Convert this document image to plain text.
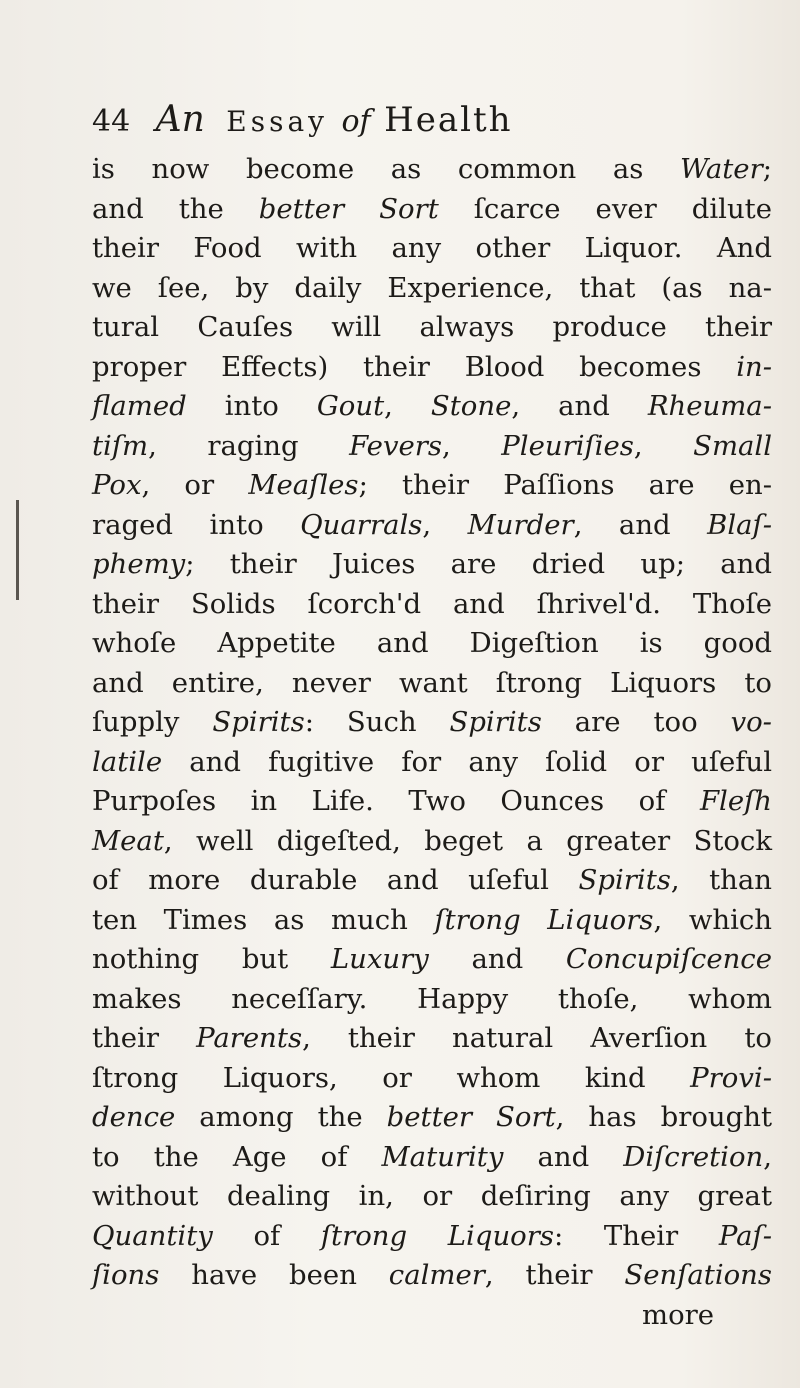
44 An Essay of Health
is now become as common as Water;
and the better Sort ſcarce ever dilute
their Food with any other Liquor. And
we ſee, by daily Experience, that (as na-
tural Cauſes will always produce their
proper Effects) their Blood becomes in-
flamed into Gout, Stone, and Rheuma-
tiſm, raging Fevers, Pleuriſies, Small
Pox, or Meaſles; their Paſſions are en-
raged into Quarrals, Murder, and Blaſ-
phemy; their Juices are dried up; and
their Solids ſcorch'd and ſhrivel'd. Thoſe
whoſe Appetite and Digeſtion is good
and entire, never want ſtrong Liquors to
ſupply Spirits: Such Spirits are too vo-
latile and fugitive for any ſolid or uſeful
Purpoſes in Life. Two Ounces of Fleſh
Meat, well digeſted, beget a greater Stock
of more durable and uſeful Spirits, than
ten Times as much ſtrong Liquors, which
nothing but Luxury and Concupiſcence
makes neceſſary. Happy thoſe, whom
their Parents, their natural Averſion to
ſtrong Liquors, or whom kind Provi-
dence among the better Sort, has brought
to the Age of Maturity and Diſcretion,
without dealing in, or deſiring any great
Quantity of ſtrong Liquors: Their Paſ-
ſions have been calmer, their Senſations
more
